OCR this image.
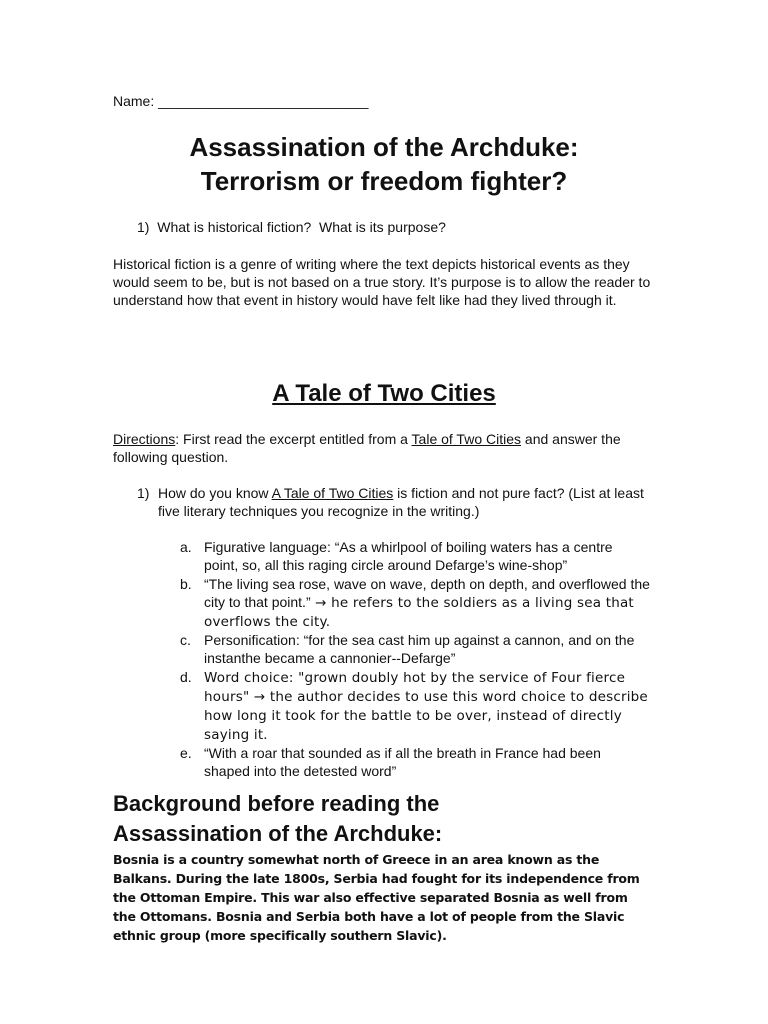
Name: ___________________________
Assassination of the Archduke:
Terrorism or freedom fighter?
1)  What is historical fiction?  What is its purpose?
Historical fiction is a genre of writing where the text depicts historical events as they would seem to be, but is not based on a true story. It’s purpose is to allow the reader to understand how that event in history would have felt like had they lived through it.
A Tale of Two Cities
Directions: First read the excerpt entitled from a Tale of Two Cities and answer the following question.
1) How do you know A Tale of Two Cities is fiction and not pure fact? (List at least five literary techniques you recognize in the writing.)
a. Figurative language: “As a whirlpool of boiling waters has a centre point, so, all this raging circle around Defarge’s wine-shop”
b. “The living sea rose, wave on wave, depth on depth, and overflowed the city to that point.” → he refers to the soldiers as a living sea that overflows the city.
c. Personification: “for the sea cast him up against a cannon, and on the instanthe became a cannonier--Defarge”
d. Word choice: "grown doubly hot by the service of Four fierce hours" → the author decides to use this word choice to describe how long it took for the battle to be over, instead of directly saying it.
e. “With a roar that sounded as if all the breath in France had been shaped into the detested word”
Background before reading the
Assassination of the Archduke:
Bosnia is a country somewhat north of Greece in an area known as the Balkans. During the late 1800s, Serbia had fought for its independence from the Ottoman Empire. This war also effective separated Bosnia as well from the Ottomans. Bosnia and Serbia both have a lot of people from the Slavic ethnic group (more specifically southern Slavic).
